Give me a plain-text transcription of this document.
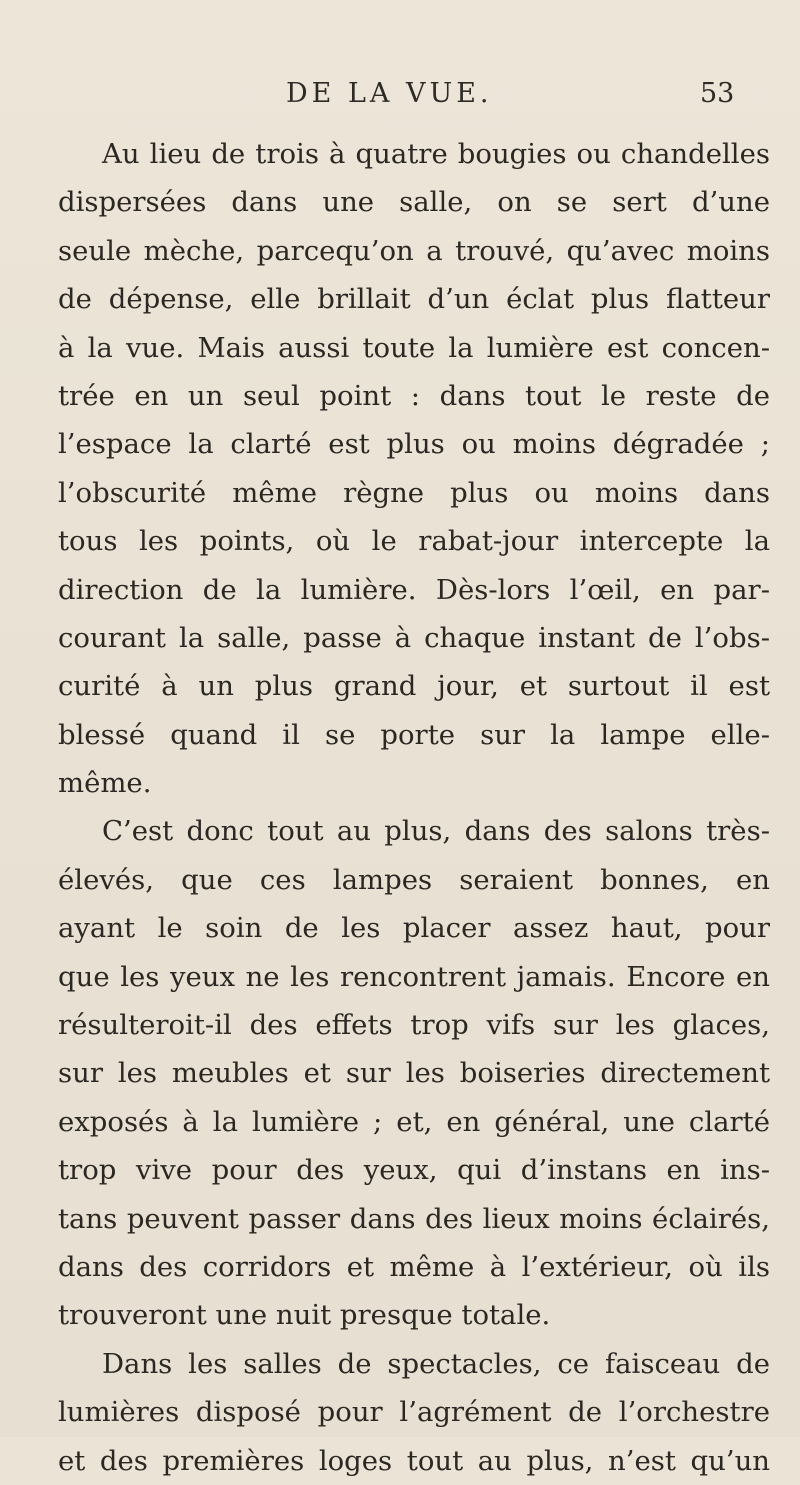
DE LA VUE.	53
Au lieu de trois à quatre bougies ou chandelles
dispersées dans une salle, on se sert d’une
seule mèche, parcequ’on a trouvé, qu’avec moins
de dépense, elle brillait d’un éclat plus flatteur
à la vue. Mais aussi toute la lumière est concen-
trée en un seul point : dans tout le reste de
l’espace la clarté est plus ou moins dégradée ;
l’obscurité même règne plus ou moins dans
tous les points, où le rabat-jour intercepte la
direction de la lumière. Dès-lors l’œil, en par-
courant la salle, passe à chaque instant de l’obs-
curité à un plus grand jour, et surtout il est
blessé quand il se porte sur la lampe elle-
même.
C’est donc tout au plus, dans des salons très-
élevés, que ces lampes seraient bonnes, en
ayant le soin de les placer assez haut, pour
que les yeux ne les rencontrent jamais. Encore en
résulteroit-il des effets trop vifs sur les glaces,
sur les meubles et sur les boiseries directement
exposés à la lumière ; et, en général, une clarté
trop vive pour des yeux, qui d’instans en ins-
tans peuvent passer dans des lieux moins éclairés,
dans des corridors et même à l’extérieur, où ils
trouveront une nuit presque totale.
Dans les salles de spectacles, ce faisceau de
lumières disposé pour l’agrément de l’orchestre
et des premières loges tout au plus, n’est qu’un
